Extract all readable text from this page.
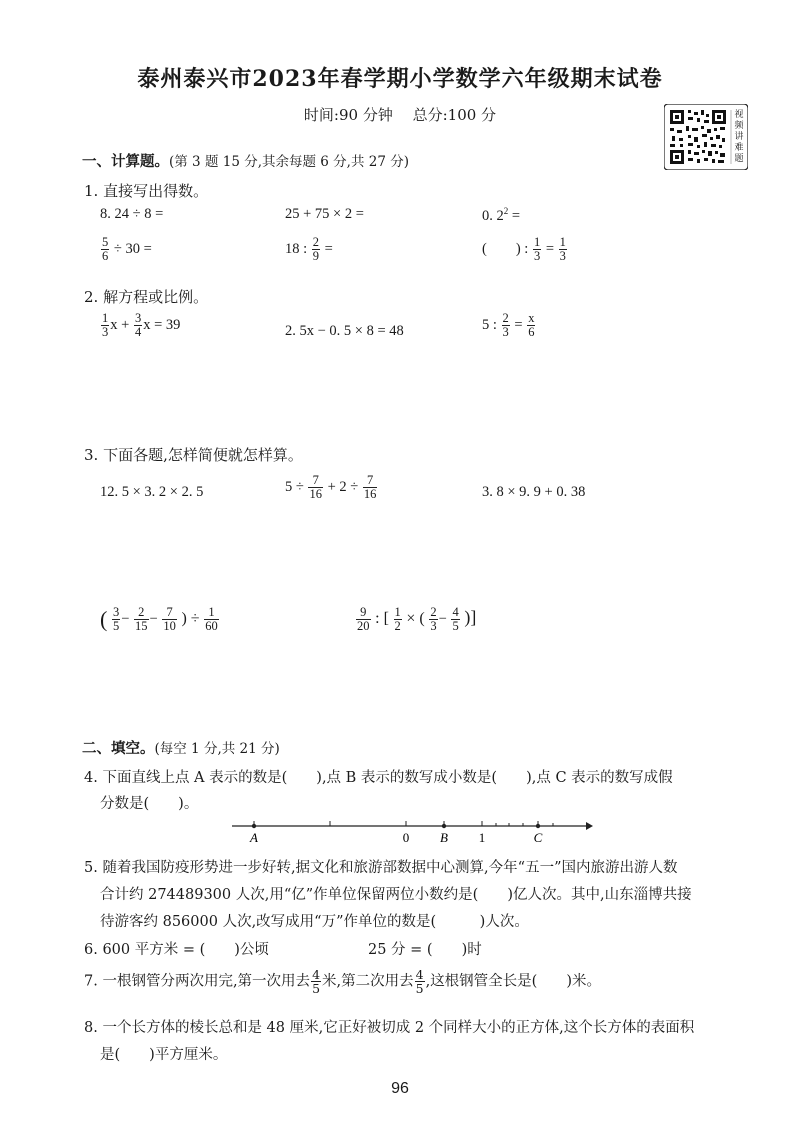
泰州泰兴市2023年春学期小学数学六年级期末试卷
时间:90 分钟　 总分:100 分	视频讲难题
一、计算题。(第 3 题 15 分,其余每题 6 分,共 27 分)
1. 直接写出得数。
8. 24 ÷ 8 =	25 + 75 × 2 =	0. $2^2$ =
$\frac{5}{6} \div 30$ =	18 : $\frac{2}{9}$ =	(　　) : $\frac{1}{3} = \frac{1}{3}$
2. 解方程或比例。
$\frac{1}{3}$ $x + \frac{3}{4}$ x = 39	2. 5x − 0. 5 × 8 = 48	5 : $\frac{2}{3} = \frac{x}{6}$
3. 下面各题,怎样简便就怎样算。
12. 5 × 3. 2 × 2. 5	$5 \div \frac{7}{16} + 2 \div \frac{7}{16}$	3. 8 × 9. 9 + 0. 38
( $\frac{3}{5} - \frac{2}{15} - \frac{7}{10}$ ) ÷ $\frac{1}{60}$	$\frac{9}{20}$ : [ $\frac{1}{2}$ × ( $\frac{2}{3} - \frac{4}{5}$ )]
二、填空。(每空 1 分,共 21 分)
4. 下面直线上点 A 表示的数是(　　),点 B 表示的数写成小数是(　　),点 C 表示的数写成假
分数是(　　)。
A	0 B 1	C
5. 随着我国防疫形势进一步好转,据文化和旅游部数据中心测算,今年“五一”国内旅游出游人数
合计约 274489300 人次,用“亿”作单位保留两位小数约是(　　)亿人次。其中,山东淄博共接
待游客约 856000 人次,改写成用“万”作单位的数是(　　　)人次。
6. 600 平方米 = (　　)公顷	25 分 = (　　)时
7. 一根钢管分两次用完,第一次用去 $\frac{4}{5}$ 米,第二次用去 $\frac{4}{5}$ ,这根钢管全长是(　　)米。
8. 一个长方体的棱长总和是 48 厘米,它正好被切成 2 个同样大小的正方体,这个长方体的表面积
是(　　)平方厘米。
96
